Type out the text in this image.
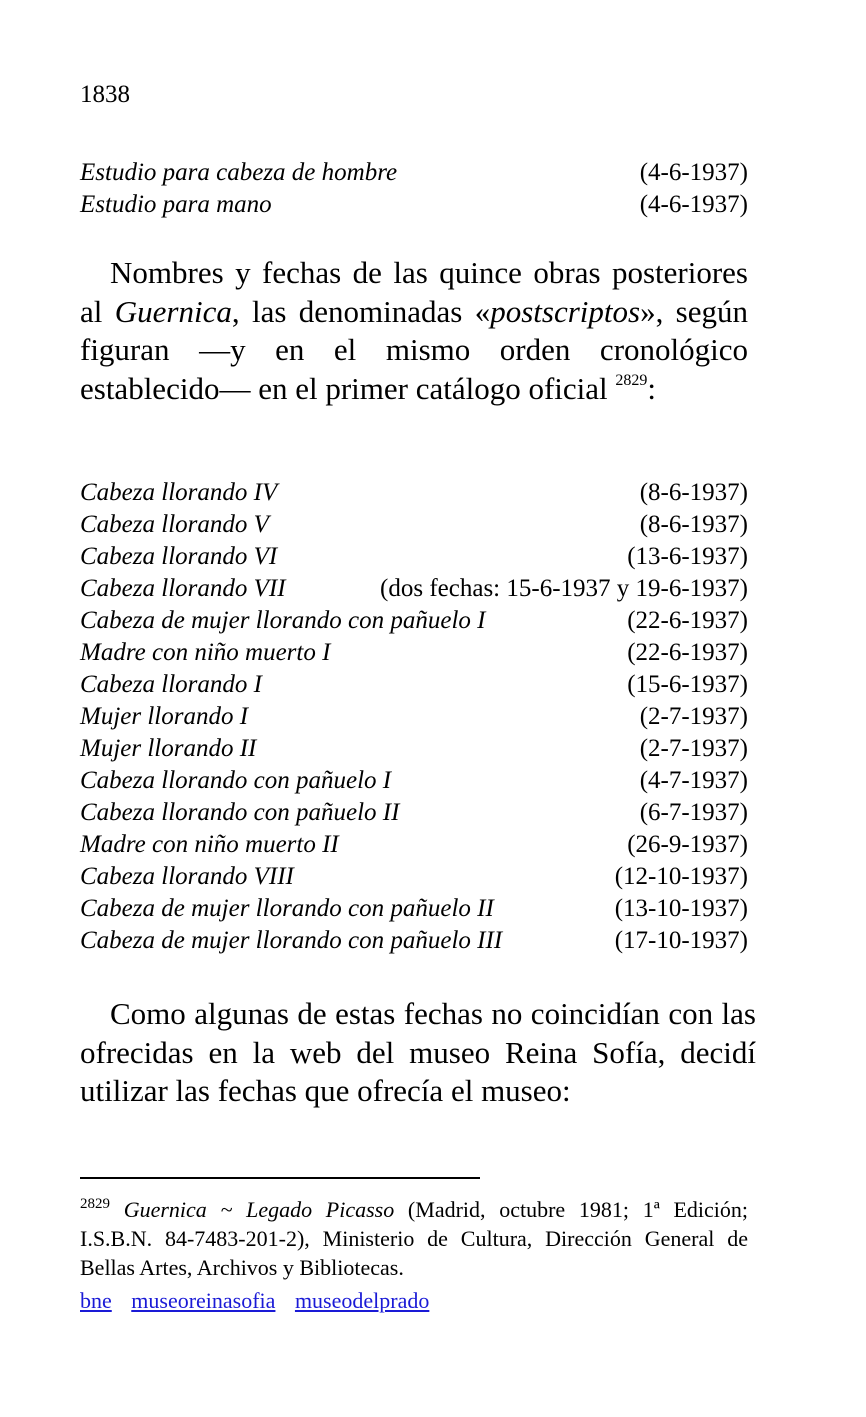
1838
Estudio para cabeza de hombre	(4-6-1937)
Estudio para mano	(4-6-1937)

Nombres y fechas de las quince obras posteriores al Guernica, las denominadas «postscriptos», según figuran —y en el mismo orden cronológico establecido— en el primer catálogo oficial $^{2829}$:

Cabeza llorando IV	(8-6-1937)
Cabeza llorando V	(8-6-1937)
Cabeza llorando VI	(13-6-1937)
Cabeza llorando VII	(dos fechas: 15-6-1937 y 19-6-1937)
Cabeza de mujer llorando con pañuelo I	(22-6-1937)
Madre con niño muerto I	(22-6-1937)
Cabeza llorando I	(15-6-1937)
Mujer llorando I	(2-7-1937)
Mujer llorando II	(2-7-1937)
Cabeza llorando con pañuelo I	(4-7-1937)
Cabeza llorando con pañuelo II	(6-7-1937)
Madre con niño muerto II	(26-9-1937)
Cabeza llorando VIII	(12-10-1937)
Cabeza de mujer llorando con pañuelo II	(13-10-1937)
Cabeza de mujer llorando con pañuelo III	(17-10-1937)

Como algunas de estas fechas no coincidían con las ofrecidas en la web del museo Reina Sofía, decidí utilizar las fechas que ofrecía el museo:

$^{2829}$ Guernica ~ Legado Picasso (Madrid, octubre 1981; 1ª Edición; I.S.B.N. 84-7483-201-2), Ministerio de Cultura, Dirección General de Bellas Artes, Archivos y Bibliotecas.

bne museoreinasofia museodelprado
